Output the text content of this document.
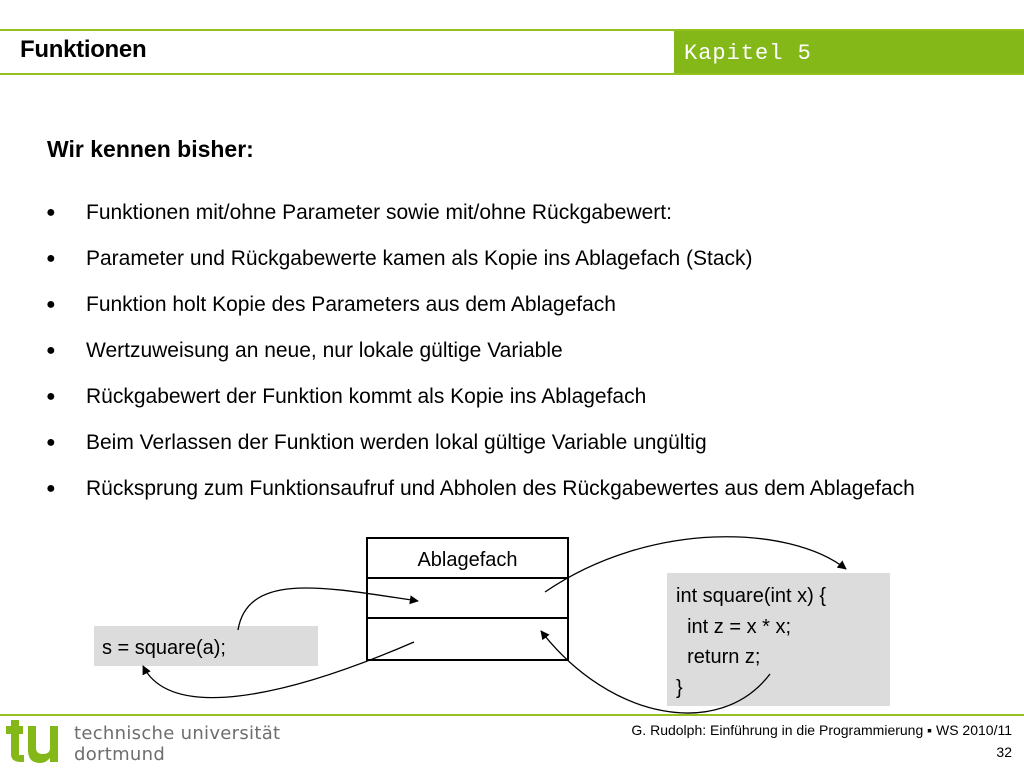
Funktionen	Kapitel 5
Wir kennen bisher:
● Funktionen mit/ohne Parameter sowie mit/ohne Rückgabewert:
● Parameter und Rückgabewerte kamen als Kopie ins Ablagefach (Stack)
● Funktion holt Kopie des Parameters aus dem Ablagefach
● Wertzuweisung an neue, nur lokale gültige Variable
● Rückgabewert der Funktion kommt als Kopie ins Ablagefach
● Beim Verlassen der Funktion werden lokal gültige Variable ungültig
● Rücksprung zum Funktionsaufruf und Abholen des Rückgabewertes aus dem Ablagefach
Ablagefach
s = square(a);
int square(int x) {
int z = x * x;
return z;
}
technische universität
dortmund
G. Rudolph: Einführung in die Programmierung ▪ WS 2010/11
32
